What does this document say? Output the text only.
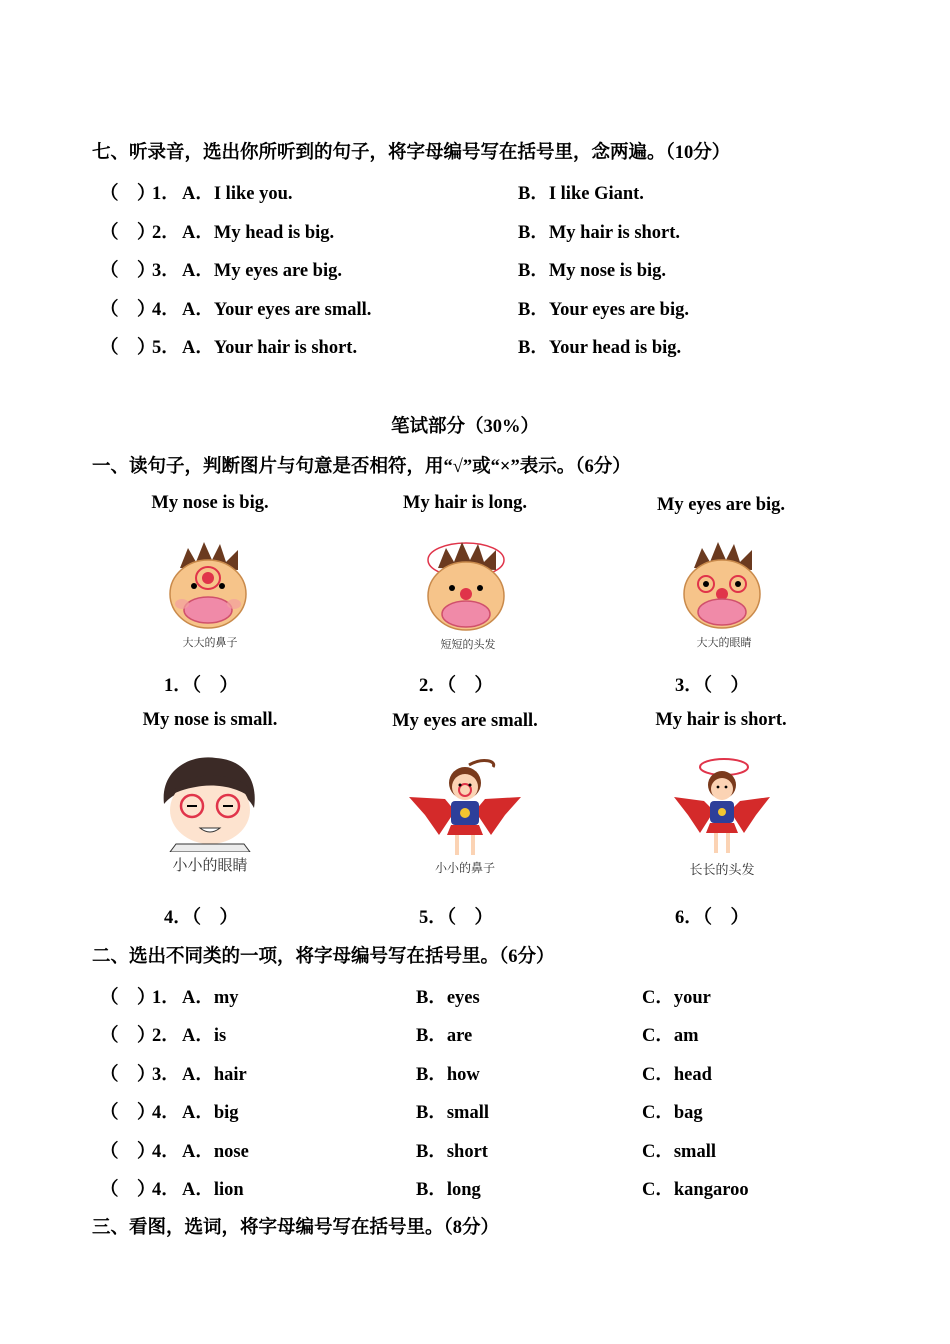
七、听录音，选出你所听到的句子，将字母编号写在括号里，念两遍。（10分）
（　）
1． A．I like you.	B．I like Giant.
（　）
2． A．My head is big.	B．My hair is short.
（　）
3． A．My eyes are big.	B．My nose is big.
（　）
4． A．Your eyes are small.	B．Your eyes are big.
（　）
5． A．Your hair is short.	B．Your head is big.
笔试部分（30%）
一、读句子，判断图片与句意是否相符，用“√”或“×”表示。（6分）
My nose is big.	My hair is long.	My eyes are big.
大大的鼻子	短短的头发	大大的眼睛
1．（　）	2．（　）	3．（　）
My nose is small.	My eyes are small.	My hair is short.
小小的眼睛	小小的鼻子	长长的头发
4．（　）	5．（　）	6．（　）
二、选出不同类的一项，将字母编号写在括号里。（6分）
（　）
1． A．my	B．eyes	C．your
（　）
2． A．is	B．are	C．am
（　）
3． A．hair	B．how	C．head
（　）
4． A．big	B．small	C．bag
（　）
4． A．nose	B．short	C．small
（　）
4． A．lion	B．long	C．kangaroo
三、看图，选词，将字母编号写在括号里。（8分）
